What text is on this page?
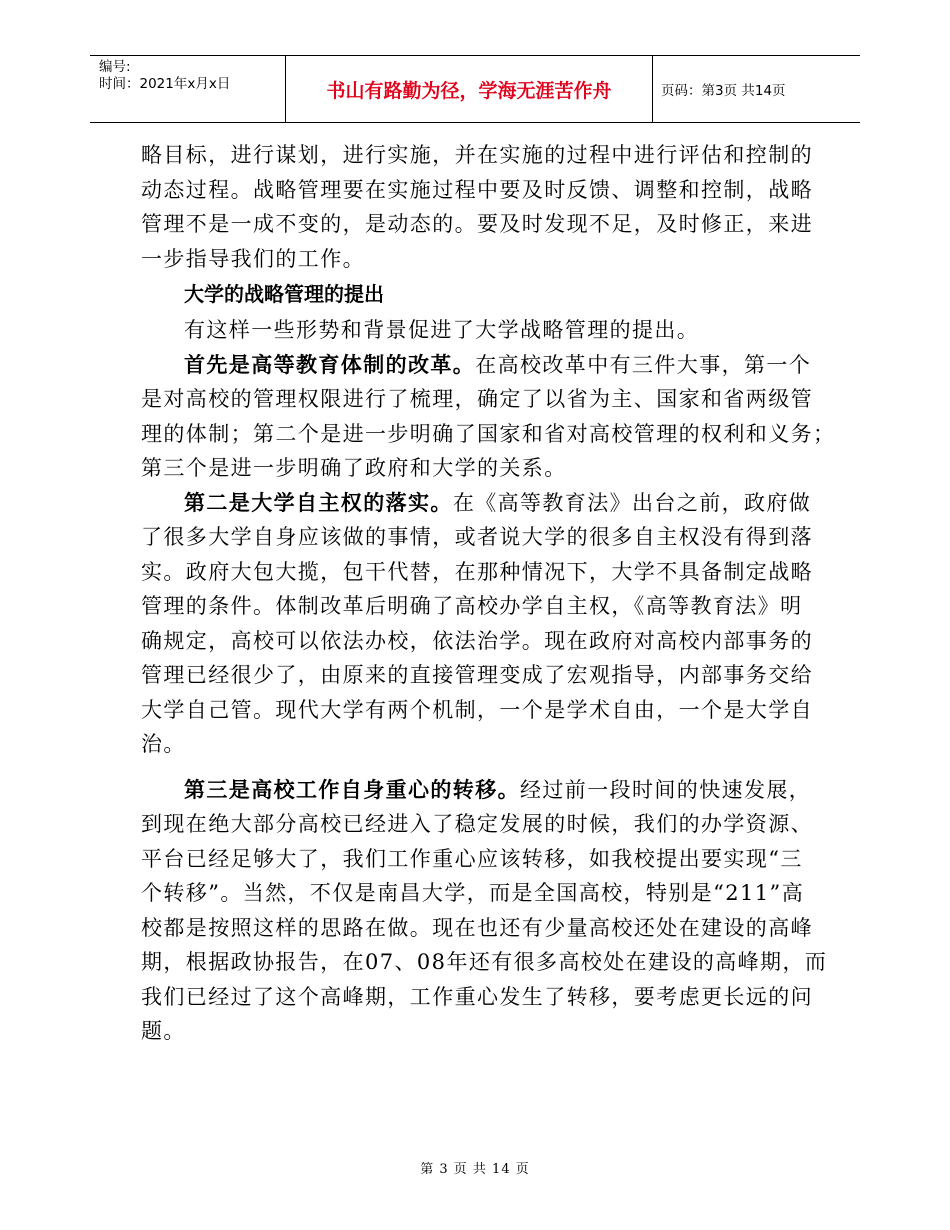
编号:
时间：2021年x月x日	书山有路勤为径，学海无涯苦作舟	页码：第3页 共14页
略目标，进行谋划，进行实施，并在实施的过程中进行评估和控制的
动态过程。战略管理要在实施过程中要及时反馈、调整和控制，战略
管理不是一成不变的，是动态的。要及时发现不足，及时修正，来进
一步指导我们的工作。
大学的战略管理的提出
有这样一些形势和背景促进了大学战略管理的提出。
首先是高等教育体制的改革。在高校改革中有三件大事，第一个
是对高校的管理权限进行了梳理，确定了以省为主、国家和省两级管
理的体制；第二个是进一步明确了国家和省对高校管理的权利和义务；
第三个是进一步明确了政府和大学的关系。
第二是大学自主权的落实。在《高等教育法》出台之前，政府做
了很多大学自身应该做的事情，或者说大学的很多自主权没有得到落
实。政府大包大揽，包干代替，在那种情况下，大学不具备制定战略
管理的条件。体制改革后明确了高校办学自主权，《高等教育法》明
确规定，高校可以依法办校，依法治学。现在政府对高校内部事务的
管理已经很少了，由原来的直接管理变成了宏观指导，内部事务交给
大学自己管。现代大学有两个机制，一个是学术自由，一个是大学自
治。
第三是高校工作自身重心的转移。经过前一段时间的快速发展，
到现在绝大部分高校已经进入了稳定发展的时候，我们的办学资源、
平台已经足够大了，我们工作重心应该转移，如我校提出要实现“三
个转移”。当然，不仅是南昌大学，而是全国高校，特别是“211”高
校都是按照这样的思路在做。现在也还有少量高校还处在建设的高峰
期，根据政协报告，在07、08年还有很多高校处在建设的高峰期，而
我们已经过了这个高峰期，工作重心发生了转移，要考虑更长远的问
题。
第 3 页 共 14 页
